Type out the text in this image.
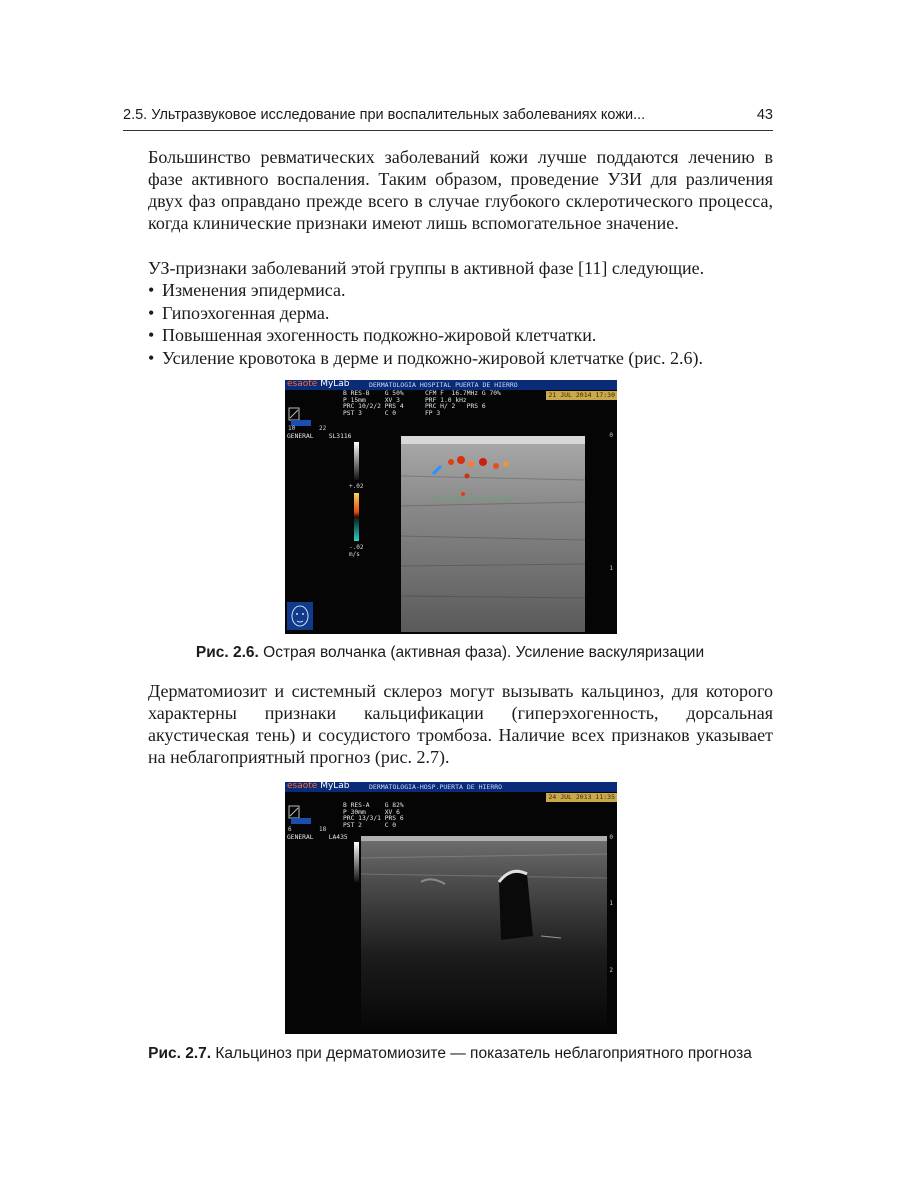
2.5. Ультразвуковое исследование при воспалительных заболеваниях кожи...	43

Большинство ревматических заболеваний кожи лучше поддаются лечению в фазе активного воспаления. Таким образом, проведение УЗИ для различения двух фаз оправдано прежде всего в случае глубокого склеротического процесса, когда клинические признаки имеют лишь вспомогательное значение.

УЗ-признаки заболеваний этой группы в активной фазе [11] следующие.

• Изменения эпидермиса.
• Гипоэхогенная дерма.
• Повышенная эхогенность подкожно-жировой клетчатки.
• Усиление кровотока в дерме и подкожно-жировой клетчатке (рис. 2.6).
esaote MyLab	DERMATOLOGIA HOSPITAL PUERTA DE HIERRO
21 JUL 2014 17:30
B RES-B    G 50%
P 15mm     XV 3
PRC 10/2/2 PRS 4
PST 3      C 0
CFM F  16.7MHz G 70%
PRF 1.0 kHz
PRC H/ 2   PRS 6
FP 3
10	22
GENERAL    SL3116
+.02
-.02
m/s
0
1
Рис. 2.6. Острая волчанка (активная фаза). Усиление васкуляризации

Дерматомиозит и системный склероз могут вызывать кальциноз, для которого характерны признаки кальцификации (гиперэхогенность, дорсальная акустическая тень) и сосудистого тромбоза. Наличие всех признаков указывает на неблагоприятный прогноз (рис. 2.7).

esaote MyLab	DERMATOLOGIA-HOSP.PUERTA DE HIERRO
24 JUL 2013 11:35
B RES-A    G 82%
P 30mm     XV 6
PRC 13/3/1 PRS 6
PST 2      C 0
6	18
GENERAL    LA435	0
1
2
Рис. 2.7. Кальциноз при дерматомиозите — показатель неблагоприятного прогноза
